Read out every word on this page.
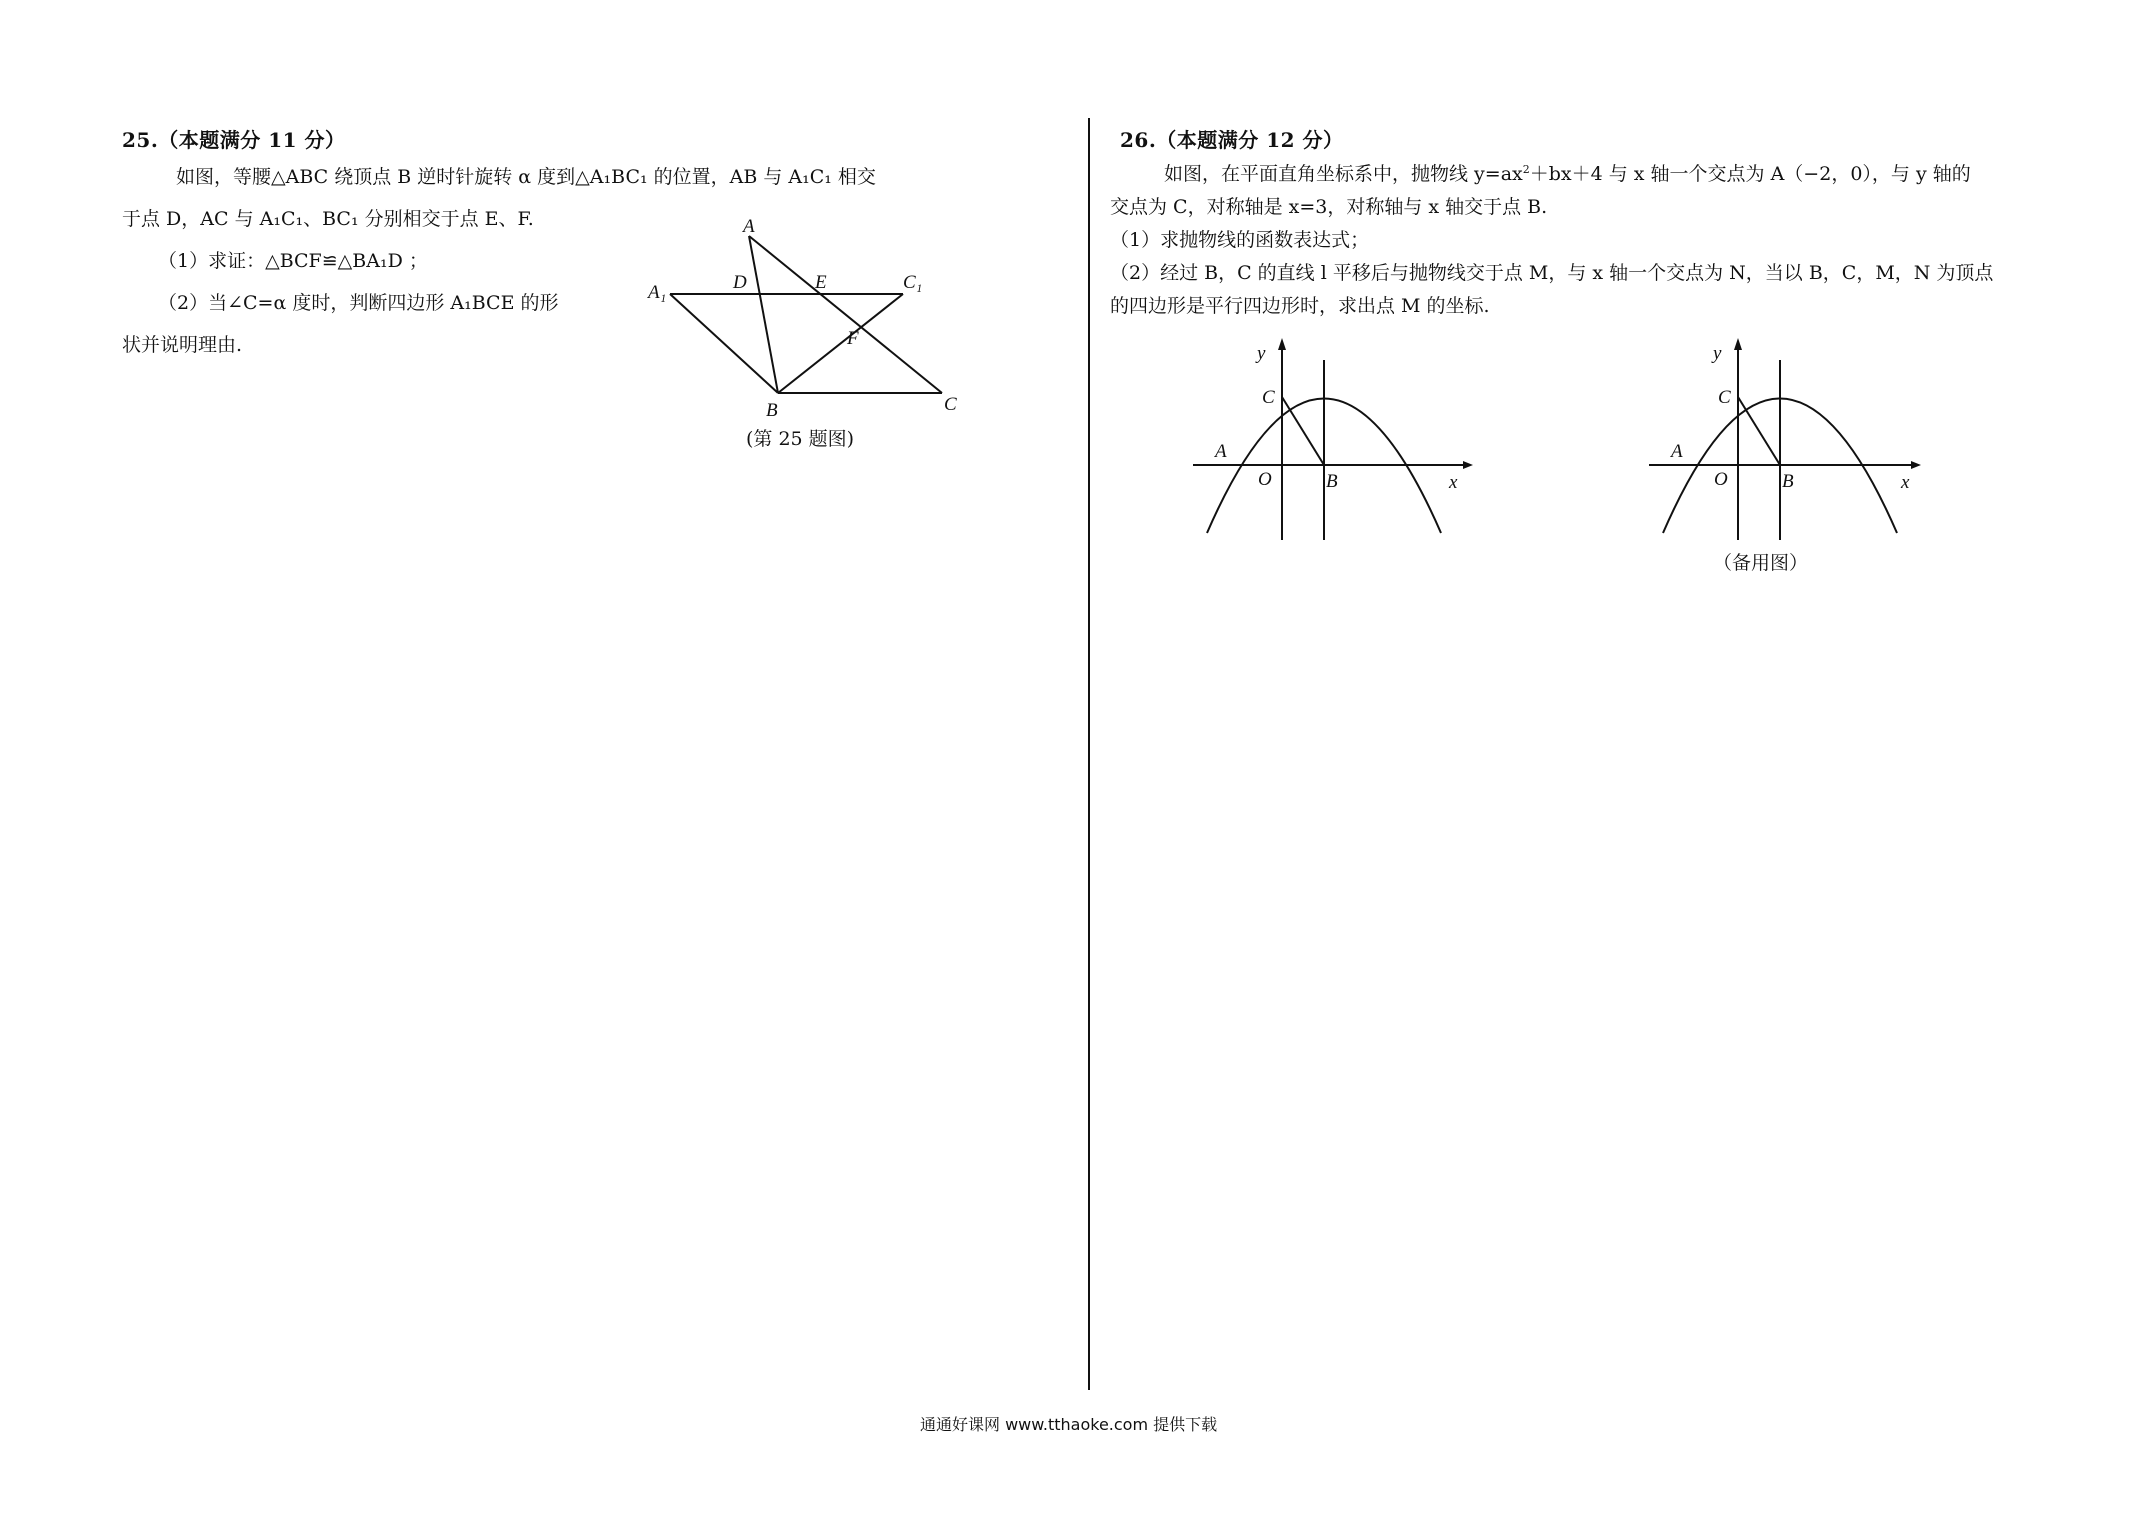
25.（本题满分 11 分）
如图，等腰△ABC 绕顶点 B 逆时针旋转 α 度到△A₁BC₁ 的位置，AB 与 A₁C₁ 相交
于点 D，AC 与 A₁C₁、BC₁ 分别相交于点 E、F.
（1）求证：△BCF≌△BA₁D ；
（2）当∠C=α 度时，判断四边形 A₁BCE 的形
状并说明理由.
A
A₁	D	E	C₁
F
B	C
(第 25 题图)
26.（本题满分 12 分）
如图，在平面直角坐标系中，抛物线 $y=ax^2+bx+4$ 与 x 轴一个交点为 A（−2，0），与 y 轴的
交点为 C，对称轴是 x=3，对称轴与 x 轴交于点 B.
（1）求抛物线的函数表达式；
（2）经过 B，C 的直线 l 平移后与抛物线交于点 M，与 x 轴一个交点为 N，当以 B，C，M，N 为顶点
的四边形是平行四边形时，求出点 M 的坐标.
y
C
A
O	B	x
y
C
A
O	B	x
（备用图）
通通好课网 www.tthaoke.com 提供下载
